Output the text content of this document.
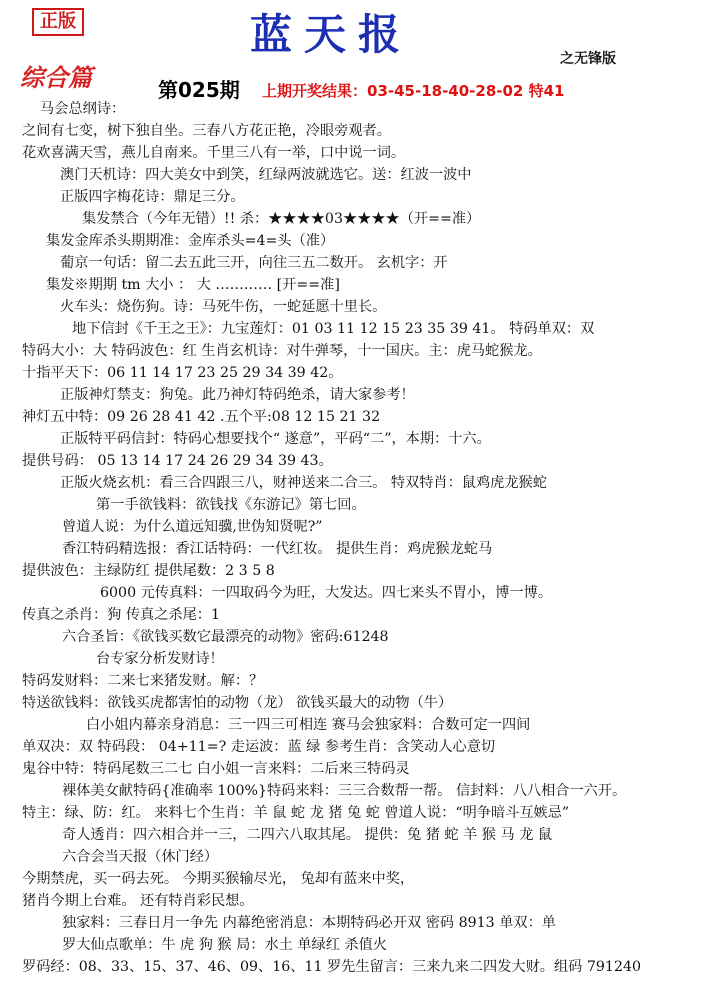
正版	蓝天报	之无锋版
综合篇	第025期 上期开奖结果：03-45-18-40-28-02 特41
马会总纲诗：
之间有七变，树下独自坐。三春八方花正艳，冷眼旁观者。
花欢喜满天雪，燕儿自南来。千里三八有一举，口中说一词。
澳门天机诗：四大美女中到笑，红绿两波就选它。送：红波一波中
正版四字梅花诗：鼎足三分。
集发禁合（今年无错）!! 杀：★★★★03★★★★（开==准）
集发金库杀头期期准：金库杀头=4=头（准）
葡京一句话：留二去五此三开，向往三五二数开。 玄机字：开
集发※期期 tm 大小 ： 大 ………… [开==准]
火车头：烧伤狗。诗：马死牛伤，一蛇延愿十里长。
地下信封《千王之王》：九宝莲灯：01 03 11 12 15 23 35 39 41。 特码单双：双
特码大小：大 特码波色：红 生肖玄机诗：对牛弹琴，十一国庆。主：虎马蛇猴龙。
十指平天下：06 11 14 17 23 25 29 34 39 42。
正版神灯禁支：狗兔。此乃神灯特码绝杀，请大家参考！
神灯五中特：09 26 28 41 42 .五个平:08 12 15 21 32
正版特平码信封：特码心想要找个“ 遂意”，平码“二”，本期：十六。
提供号码： 05 13 14 17 24 26 29 34 39 43。
正版火烧玄机：看三合四跟三八，财神送来二合三。 特双特肖：鼠鸡虎龙猴蛇
第一手欲钱料：欲钱找《东游记》第七回。
曾道人说：为什么道远知骥,世伪知贤呢?”
香江特码精选报：香江话特码：一代红妆。 提供生肖：鸡虎猴龙蛇马
提供波色：主绿防红 提供尾数：2 3 5 8
6000 元传真料：一四取码今为旺，大发达。四七来头不胃小，博一博。
传真之杀肖：狗 传真之杀尾：1
六合圣旨：《欲钱买数它最漂亮的动物》密码:61248
台专家分析发财诗！
特码发财料：二来七来猪发财。解：？
特送欲钱料：欲钱买虎都害怕的动物（龙） 欲钱买最大的动物（牛）
白小姐内幕亲身消息：三一四三可相连 赛马会独家料：合数可定一四间
单双决：双 特码段： 04+11=? 走运波：蓝 绿 参考生肖：含笑动人心意切
鬼谷中特：特码尾数三二七 白小姐一言来料：二后来三特码灵
裸体美女献特码{准确率 100%}特码来料：三三合数帮一帮。 信封料：八八相合一六开。
特主：绿、防：红。 来料七个生肖：羊 鼠 蛇 龙 猪 兔 蛇 曾道人说：“明争暗斗互嫉忌”
奇人透肖：四六相合并一三，二四六八取其尾。 提供：兔 猪 蛇 羊 猴 马 龙 鼠
六合会当天报（休门经）
今期禁虎，买一码去死。 今期买猴输尽光， 兔却有蓝来中奖，
猪肖今期上台难。 还有特肖彩民想。
独家料：三春日月一争先 内幕绝密消息：本期特码必开双 密码 8913 单双：单
罗大仙点歌单：牛 虎 狗 猴 局：水土 单绿红 杀值火
罗码经：08、33、15、37、46、09、16、11 罗先生留言：三来九来二四发大财。组码 791240
